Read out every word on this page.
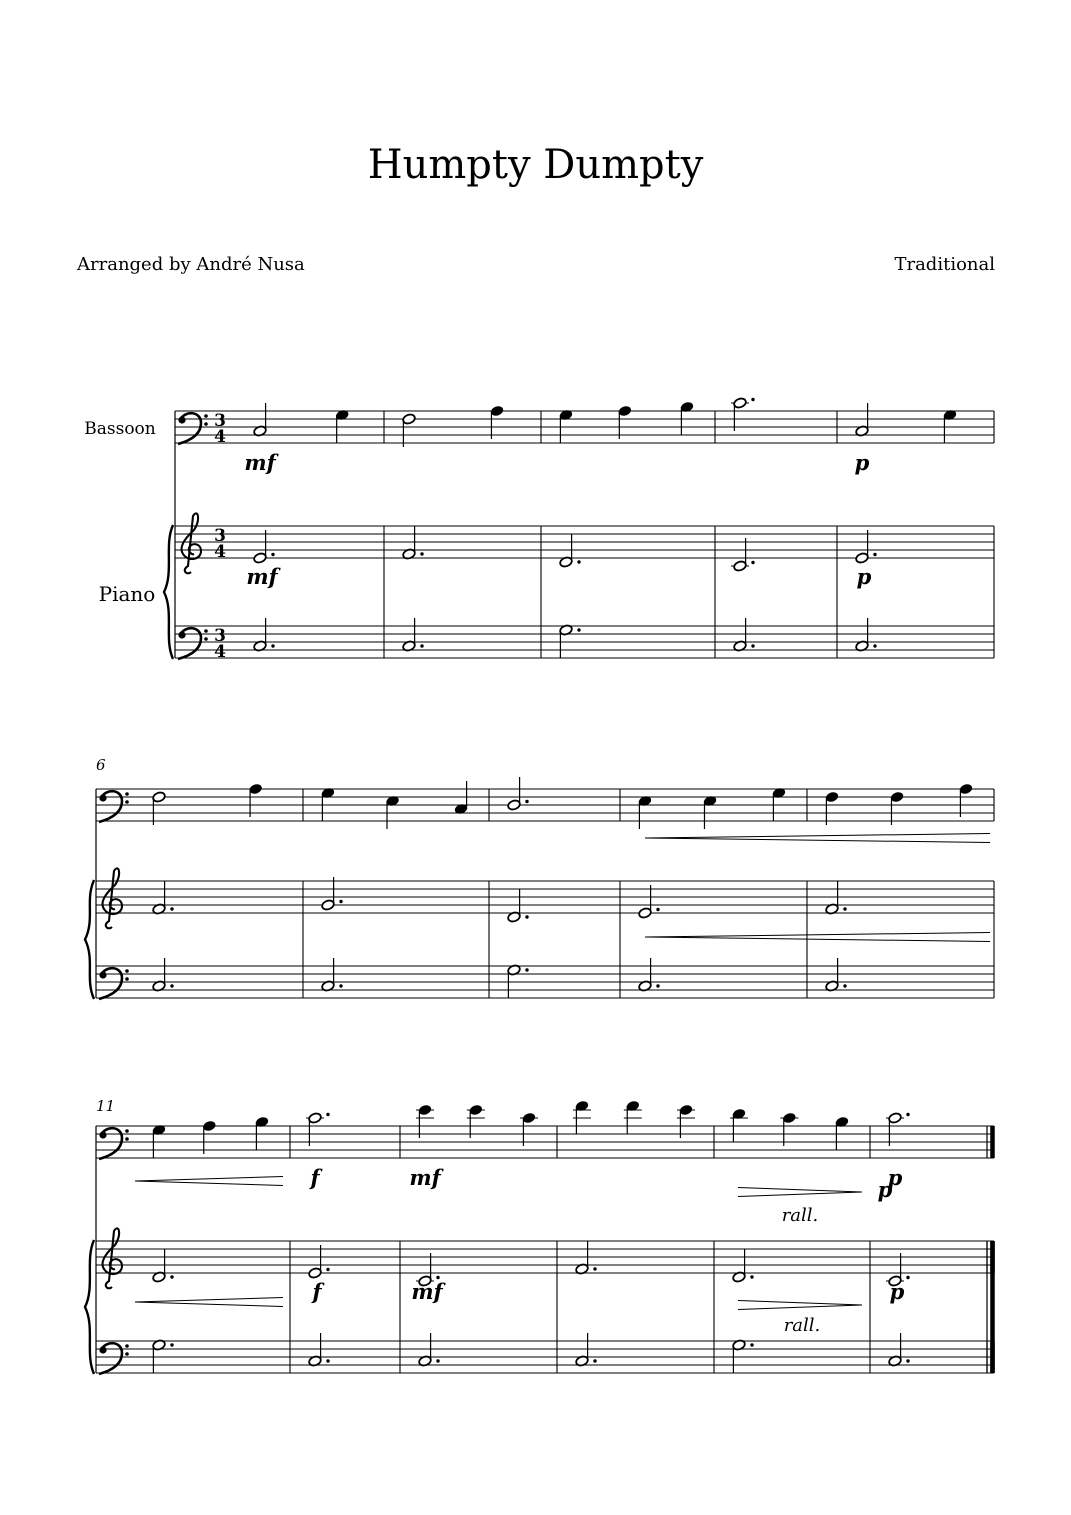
Humpty Dumpty
Arranged by André Nusa	Traditional
6
11
Bassoon
Piano
3
4
3
4
3
4
mf
mf
p
p
f
f
mf
mf
p
p
rall.
rall.
p
